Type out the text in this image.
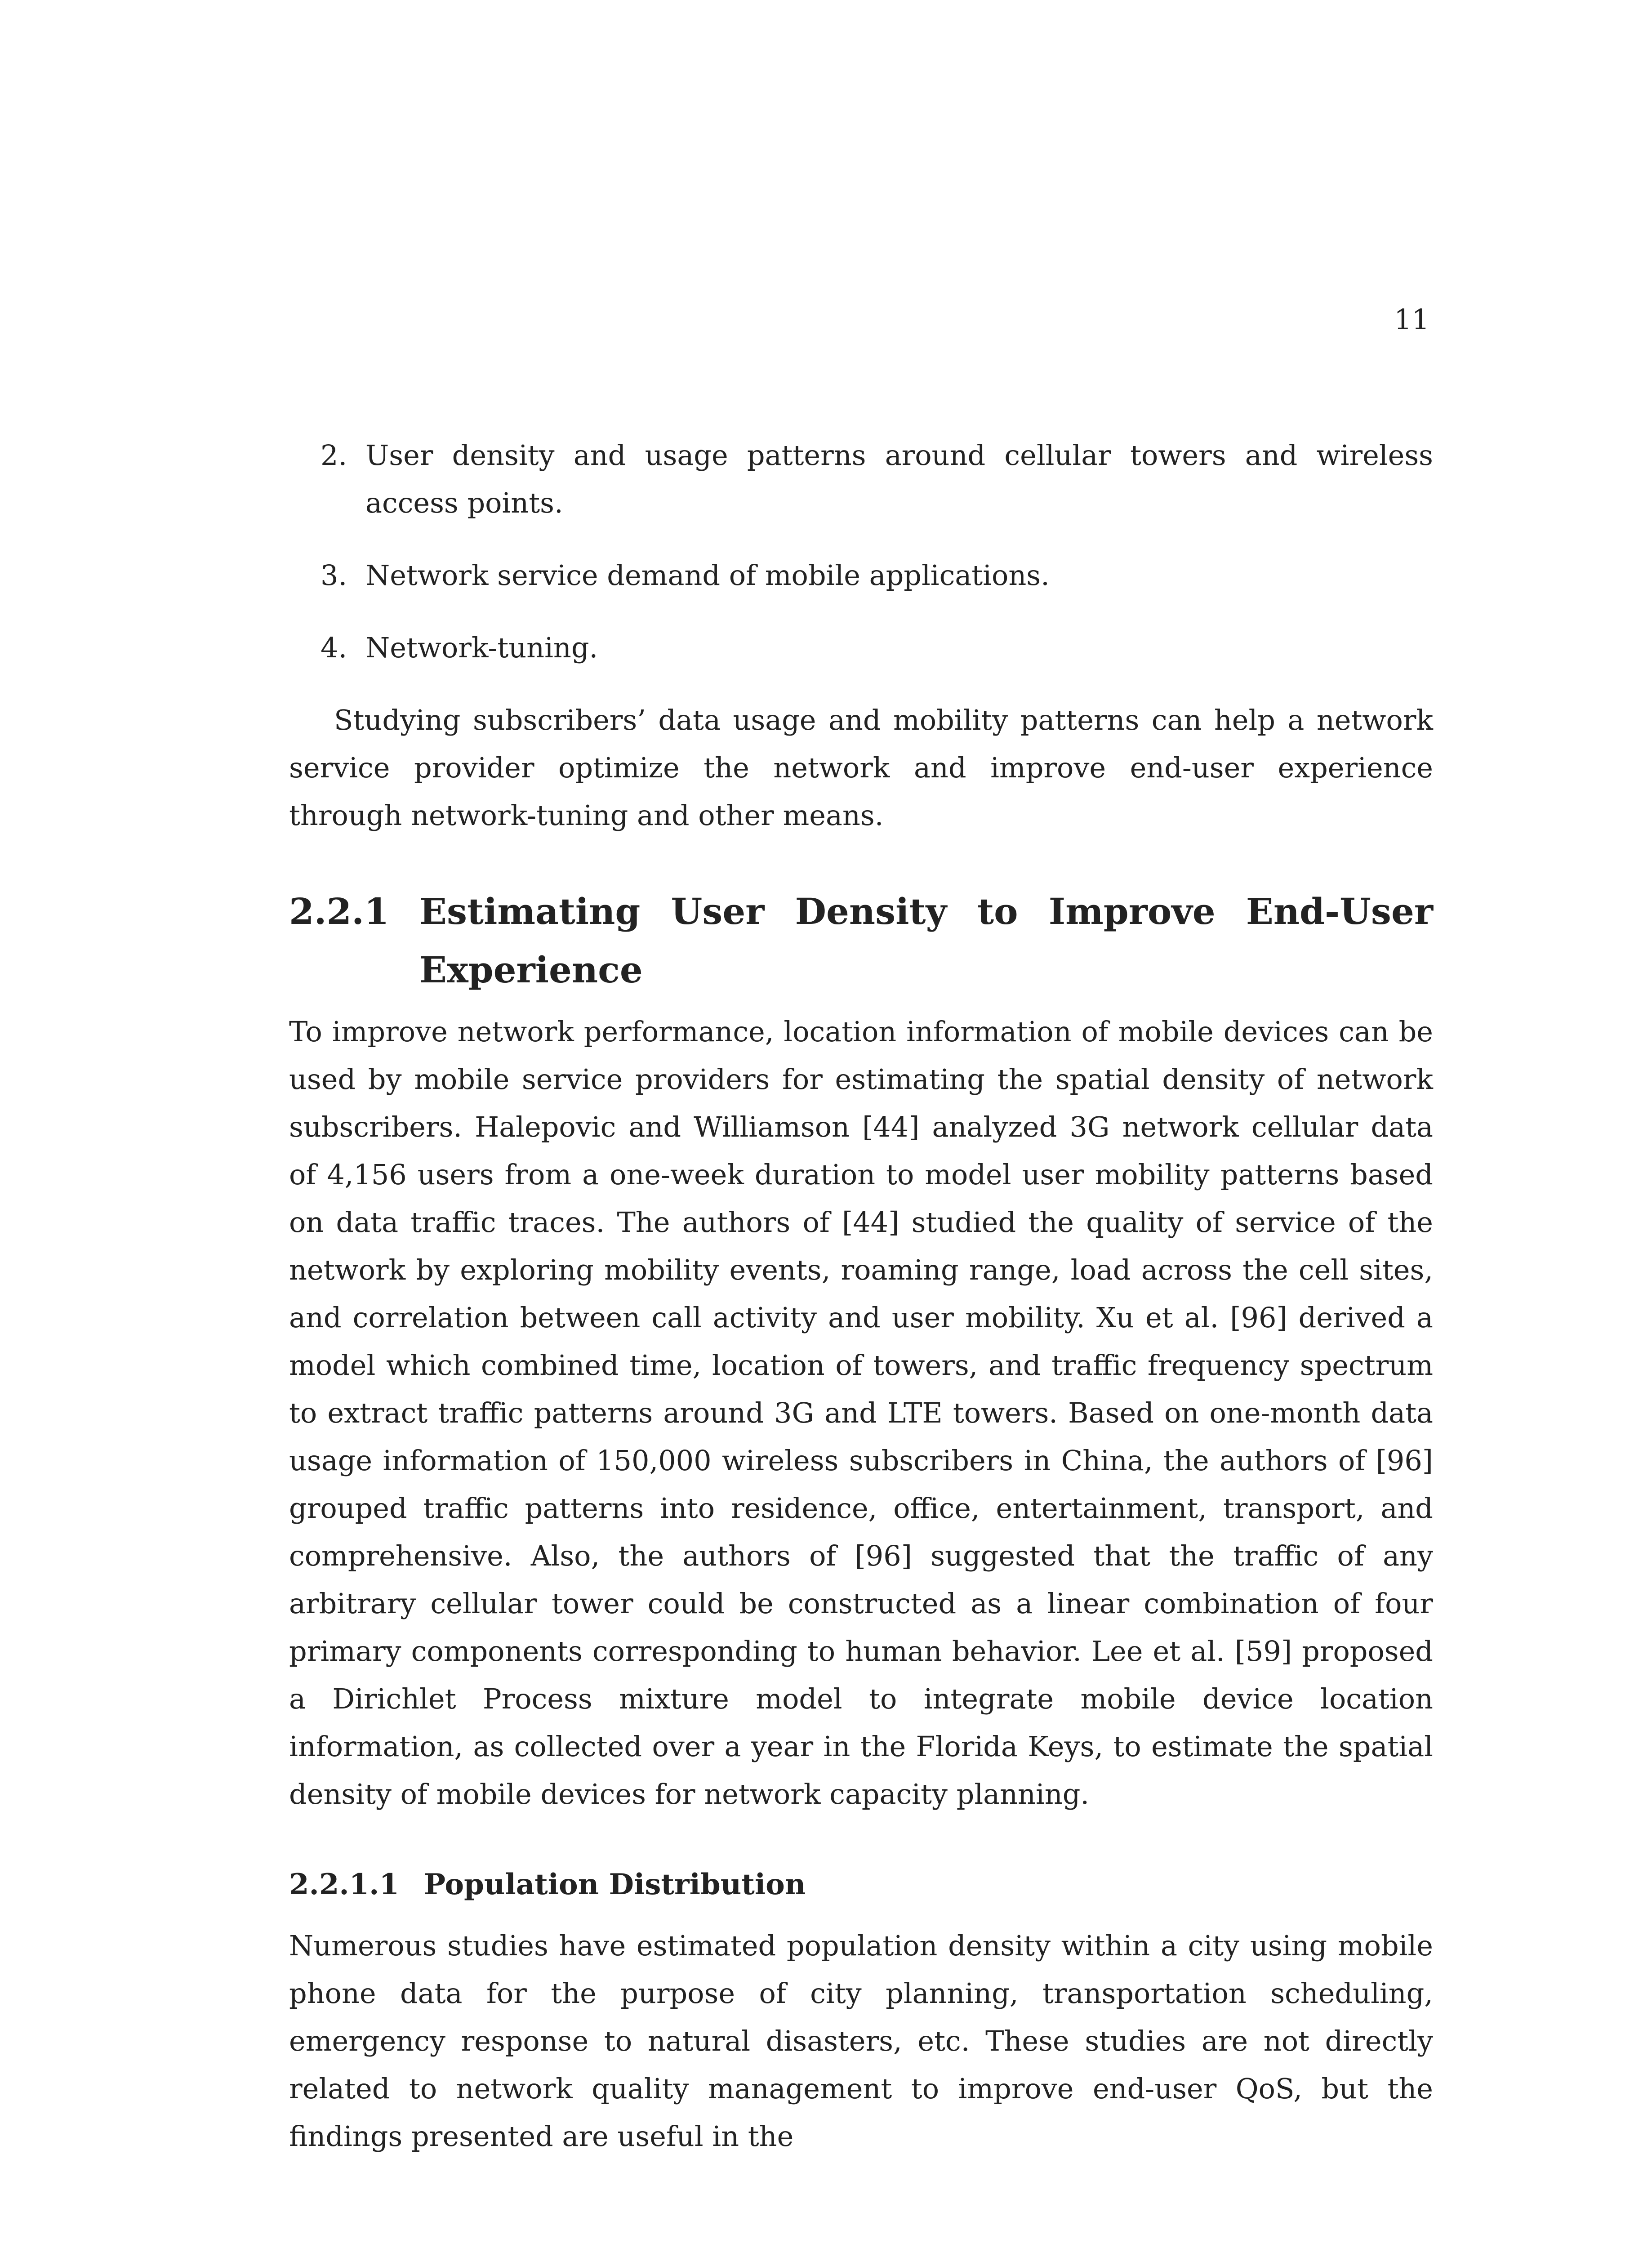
11
2. User density and usage patterns around cellular towers and wireless access points.
3. Network service demand of mobile applications.
4. Network-tuning.

Studying subscribers’ data usage and mobility patterns can help a network service provider optimize the network and improve end-user experience through network-tuning and other means.

2.2.1 Estimating User Density to Improve End-User Experience

To improve network performance, location information of mobile devices can be used by mobile service providers for estimating the spatial density of network subscribers. Halepovic and Williamson [44] analyzed 3G network cellular data of 4,156 users from a one-week duration to model user mobility patterns based on data traffic traces. The authors of [44] studied the quality of service of the network by exploring mobility events, roaming range, load across the cell sites, and correlation between call activity and user mobility. Xu et al. [96] derived a model which combined time, location of towers, and traffic frequency spectrum to extract traffic patterns around 3G and LTE towers. Based on one-month data usage information of 150,000 wireless subscribers in China, the authors of [96] grouped traffic patterns into residence, office, entertainment, transport, and comprehensive. Also, the authors of [96] suggested that the traffic of any arbitrary cellular tower could be constructed as a linear combination of four primary components corresponding to human behavior. Lee et al. [59] proposed a Dirichlet Process mixture model to integrate mobile device location information, as collected over a year in the Florida Keys, to estimate the spatial density of mobile devices for network capacity planning.

2.2.1.1 Population Distribution

Numerous studies have estimated population density within a city using mobile phone data for the purpose of city planning, transportation scheduling, emergency response to natural disasters, etc. These studies are not directly related to network quality management to improve end-user QoS, but the findings presented are useful in the
